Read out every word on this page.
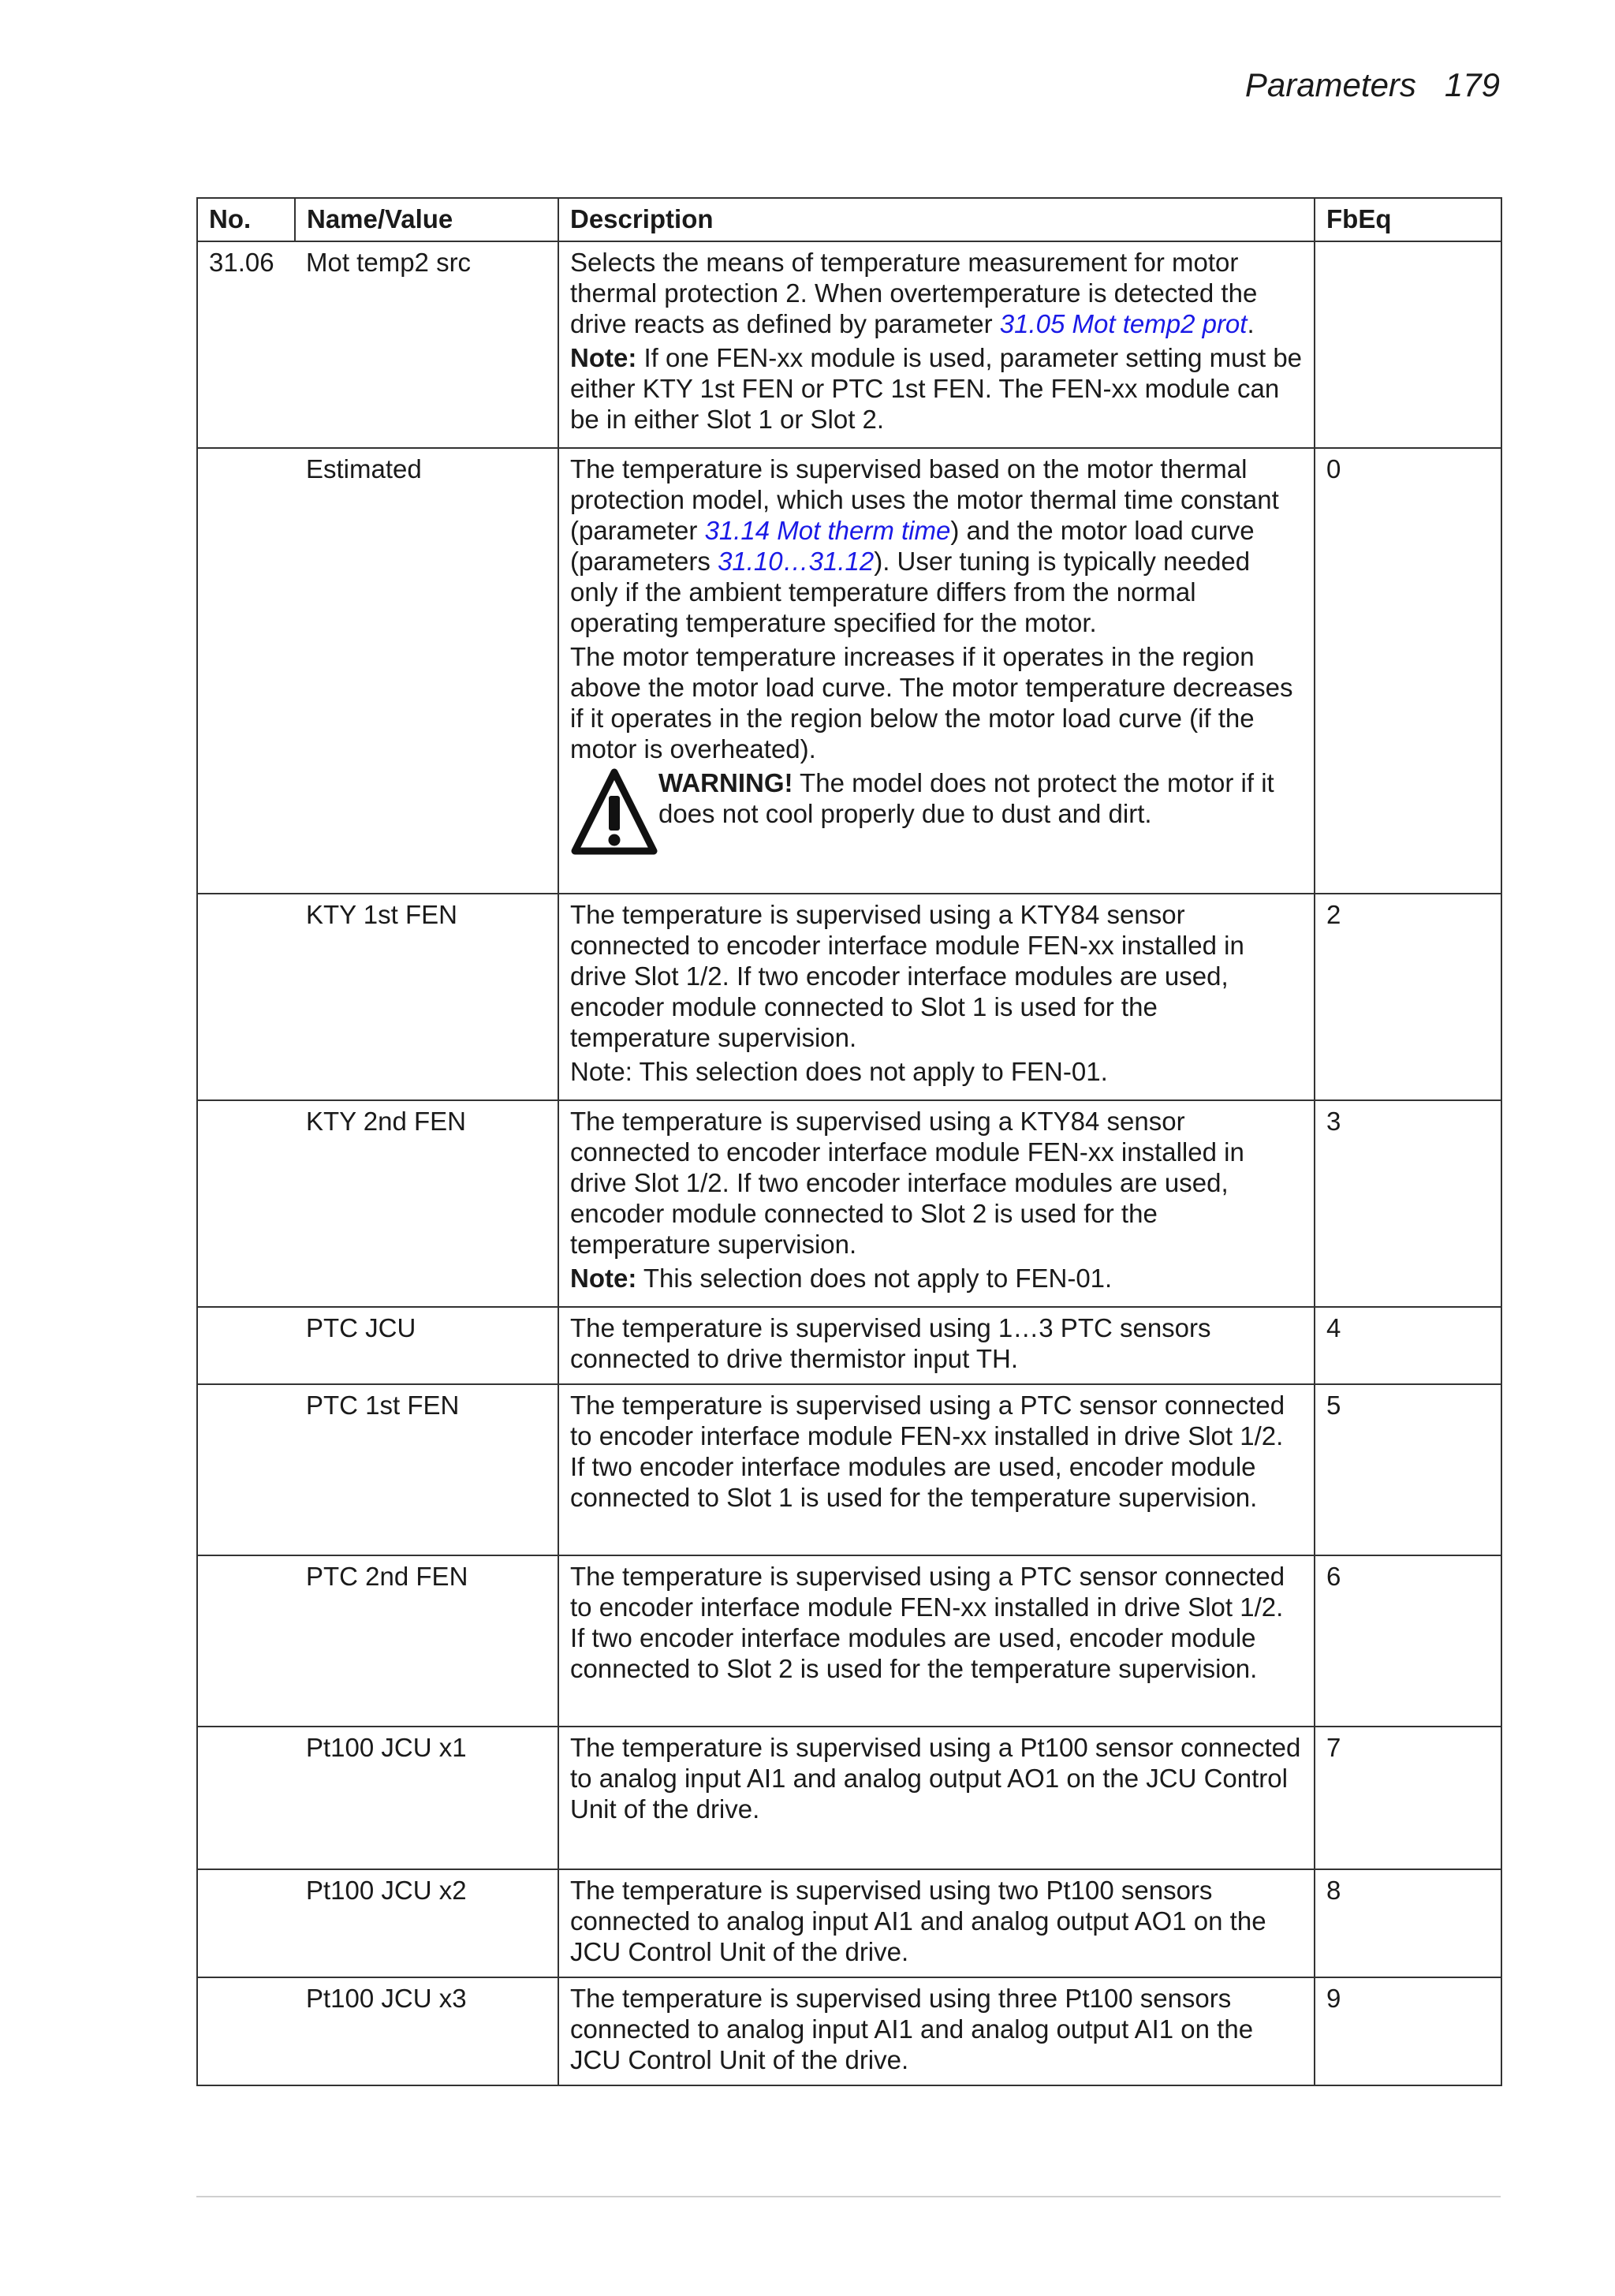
Parameters 179
No.	Name/Value	Description	FbEq
31.06	Mot temp2 src	Selects the means of temperature measurement for motor thermal protection 2. When overtemperature is detected the drive reacts as defined by parameter 31.05 Mot temp2 prot.

Note: If one FEN-xx module is used, parameter setting must be either KTY 1st FEN or PTC 1st FEN. The FEN-xx module can be in either Slot 1 or Slot 2.	

	Estimated	The temperature is supervised based on the motor thermal protection model, which uses the motor thermal time constant (parameter 31.14 Mot therm time) and the motor load curve (parameters 31.10…31.12). User tuning is typically needed only if the ambient temperature differs from the normal operating temperature specified for the motor.

The motor temperature increases if it operates in the region above the motor load curve. The motor temperature decreases if it operates in the region below the motor load curve (if the motor is overheated).

WARNING! The model does not protect the motor if it does not cool properly due to dust and dirt.	0
	KTY 1st FEN	The temperature is supervised using a KTY84 sensor connected to encoder interface module FEN-xx installed in drive Slot 1/2. If two encoder interface modules are used, encoder module connected to Slot 1 is used for the temperature supervision.

Note: This selection does not apply to FEN-01.	2
	KTY 2nd FEN	The temperature is supervised using a KTY84 sensor connected to encoder interface module FEN-xx installed in drive Slot 1/2. If two encoder interface modules are used, encoder module connected to Slot 2 is used for the temperature supervision.

Note: This selection does not apply to FEN-01.	3
	PTC JCU	The temperature is supervised using 1…3 PTC sensors connected to drive thermistor input TH.	4
	PTC 1st FEN	The temperature is supervised using a PTC sensor connected to encoder interface module FEN-xx installed in drive Slot 1/2. If two encoder interface modules are used, encoder module connected to Slot 1 is used for the temperature supervision.	5
	PTC 2nd FEN	The temperature is supervised using a PTC sensor connected to encoder interface module FEN-xx installed in drive Slot 1/2. If two encoder interface modules are used, encoder module connected to Slot 2 is used for the temperature supervision.	6
	Pt100 JCU x1	The temperature is supervised using a Pt100 sensor connected to analog input AI1 and analog output AO1 on the JCU Control Unit of the drive.	7
	Pt100 JCU x2	The temperature is supervised using two Pt100 sensors connected to analog input AI1 and analog output AO1 on the JCU Control Unit of the drive.	8
	Pt100 JCU x3	The temperature is supervised using three Pt100 sensors connected to analog input AI1 and analog output AI1 on the JCU Control Unit of the drive.	9
